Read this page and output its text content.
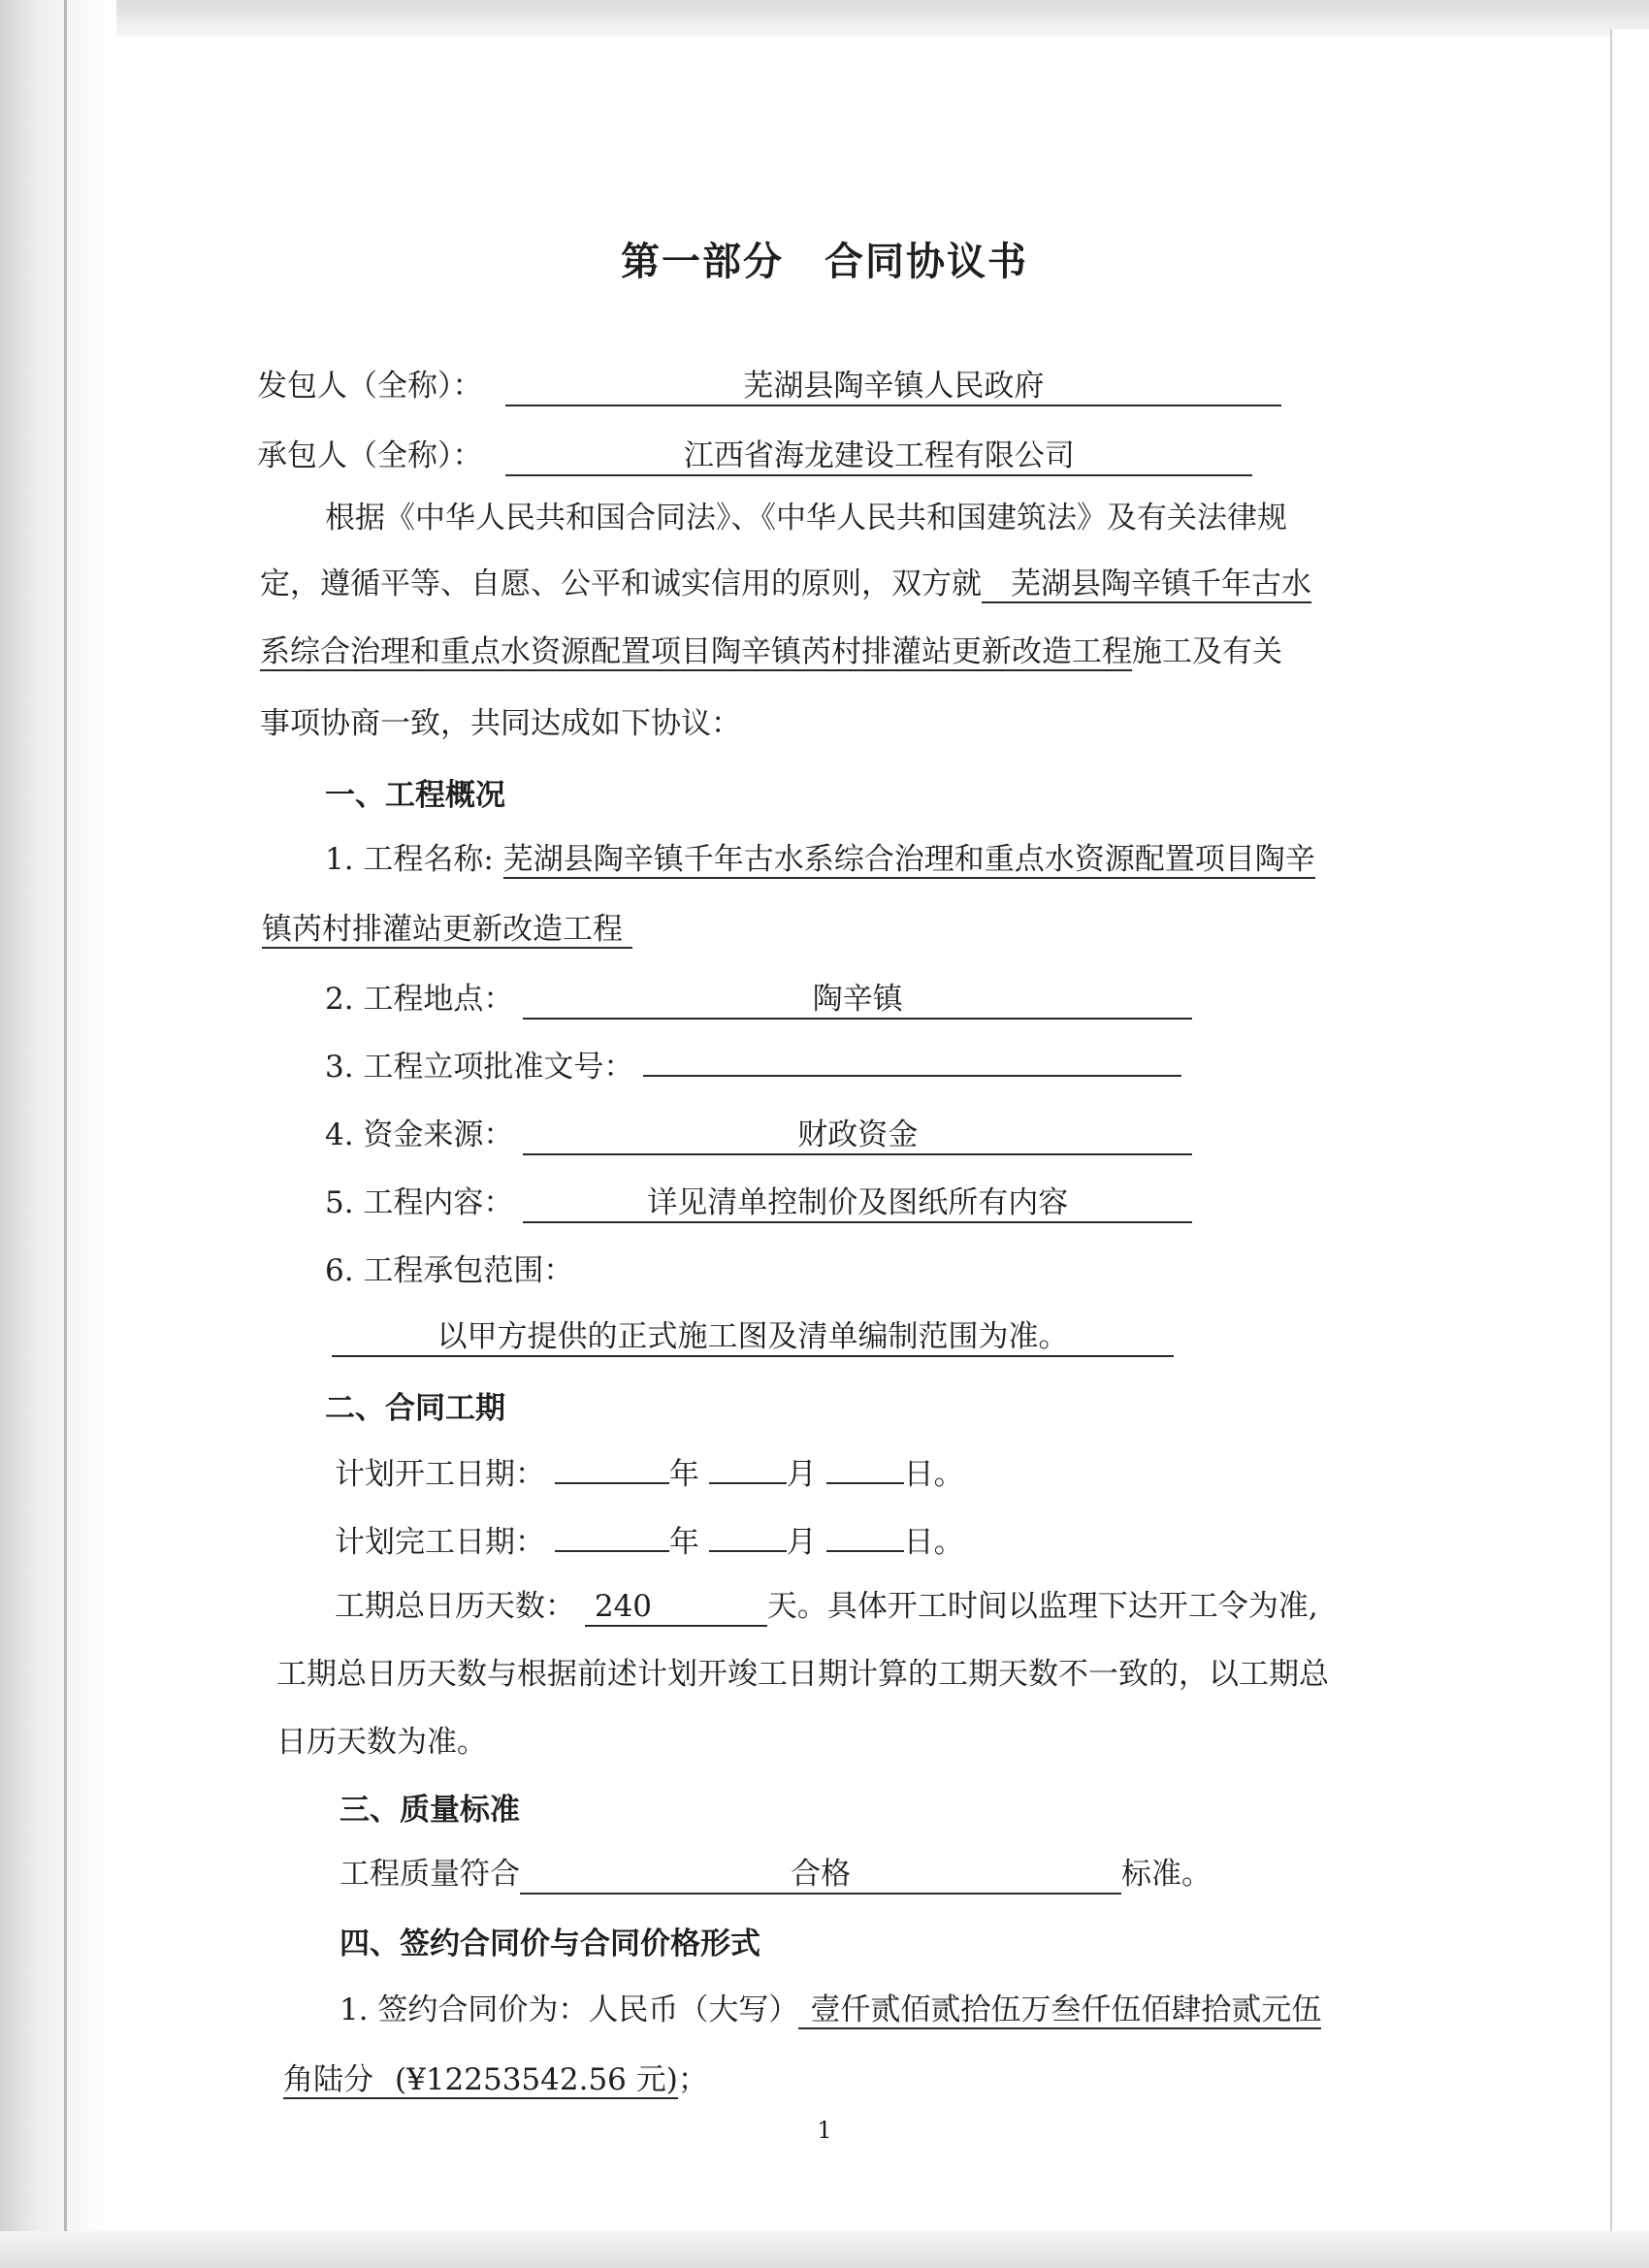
第一部分　合同协议书
发包人（全称）：	芜湖县陶辛镇人民政府
承包人（全称）：	江西省海龙建设工程有限公司
根据《中华人民共和国合同法》、《中华人民共和国建筑法》及有关法律规
定，遵循平等、自愿、公平和诚实信用的原则，双方就 芜湖县陶辛镇千年古水
系综合治理和重点水资源配置项目陶辛镇芮村排灌站更新改造工程施工及有关
事项协商一致，共同达成如下协议：
一、工程概况
1. 工程名称: 芜湖县陶辛镇千年古水系综合治理和重点水资源配置项目陶辛
镇芮村排灌站更新改造工程
2. 工程地点：	陶辛镇
3. 工程立项批准文号：
4. 资金来源：	财政资金
5. 工程内容：	详见清单控制价及图纸所有内容
6. 工程承包范围：
以甲方提供的正式施工图及清单编制范围为准。
二、合同工期
计划开工日期：	年	月	日。
计划完工日期：	年	月	日。
工期总日历天数： 240	天。具体开工时间以监理下达开工令为准,
工期总日历天数与根据前述计划开竣工日期计算的工期天数不一致的，以工期总
日历天数为准。
三、质量标准
工程质量符合	合格	标准。
四、签约合同价与合同价格形式
1. 签约合同价为：人民币（大写） 壹仟贰佰贰拾伍万叁仟伍佰肆拾贰元伍
角陆分 (¥12253542.56 元)；
1
